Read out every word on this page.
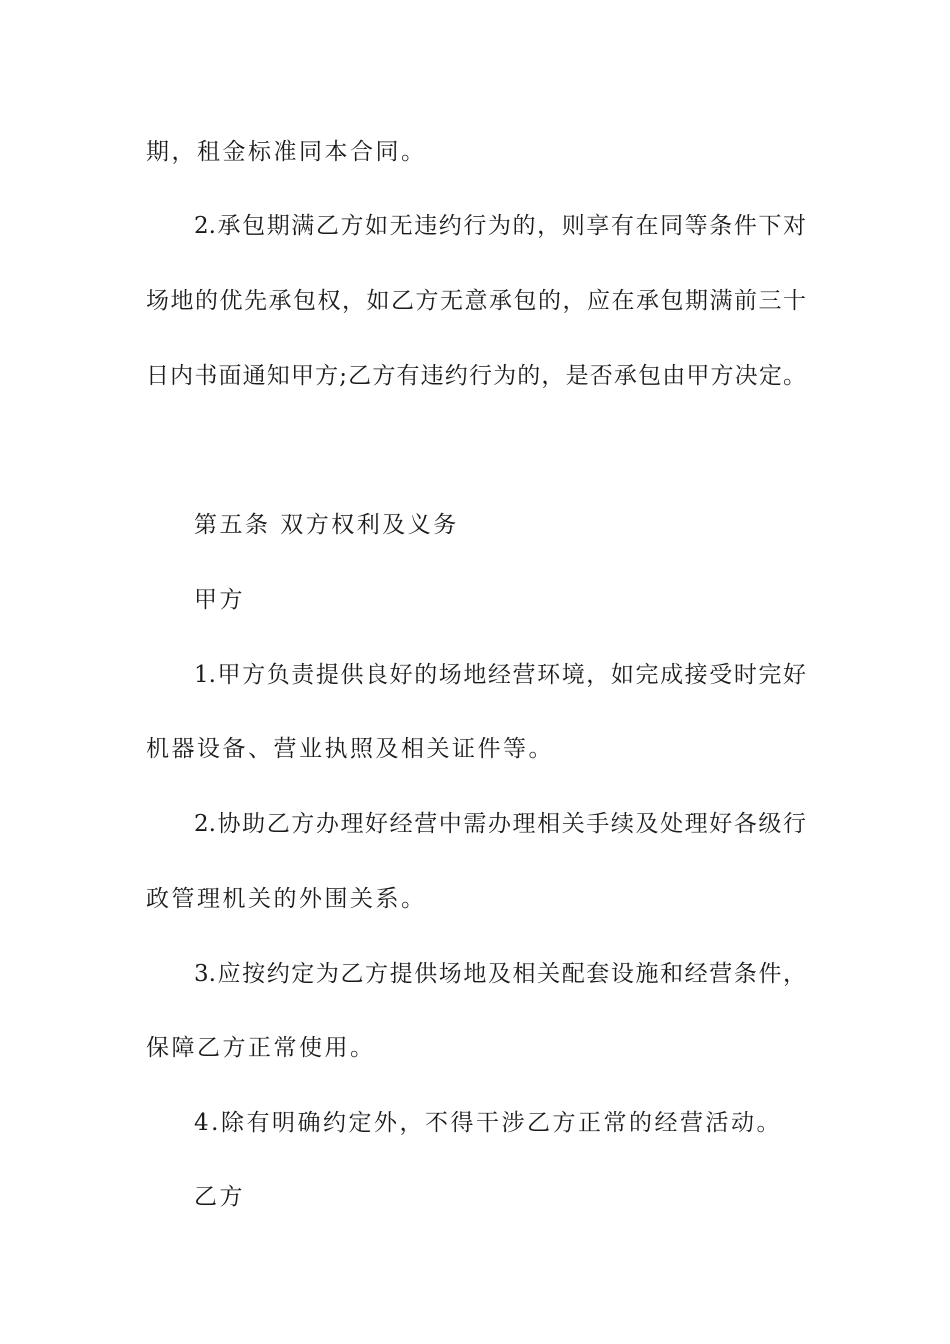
期，租金标准同本合同。
2.承包期满乙方如无违约行为的，则享有在同等条件下对
场地的优先承包权，如乙方无意承包的，应在承包期满前三十
日内书面通知甲方;乙方有违约行为的，是否承包由甲方决定。
第五条 双方权利及义务
甲方
1.甲方负责提供良好的场地经营环境，如完成接受时完好
机器设备、营业执照及相关证件等。
2.协助乙方办理好经营中需办理相关手续及处理好各级行
政管理机关的外围关系。
3.应按约定为乙方提供场地及相关配套设施和经营条件，
保障乙方正常使用。
4.除有明确约定外，不得干涉乙方正常的经营活动。
乙方
